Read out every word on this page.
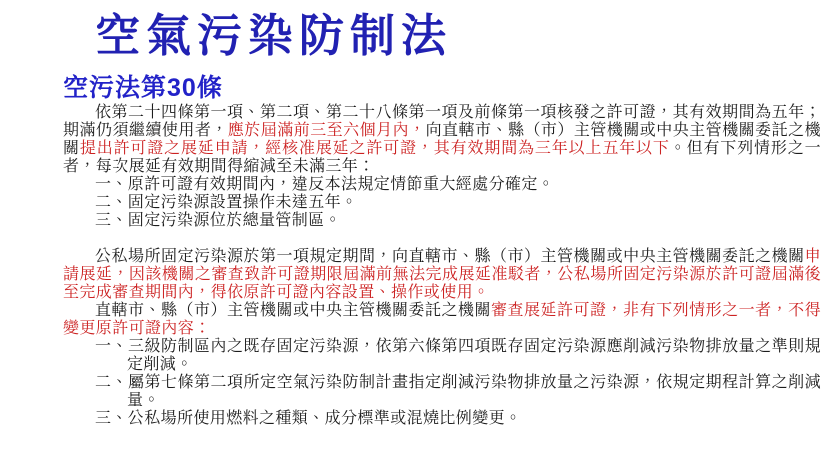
空氣污染防制法
空污法第30條
依第二十四條第一項、第二項、第二十八條第一項及前條第一項核發之許可證，其有效期間為五年；期滿仍須繼續使用者，應於屆滿前三至六個月內，向直轄市、縣（市）主管機關或中央主管機關委託之機關提出許可證之展延申請，經核准展延之許可證，其有效期間為三年以上五年以下。但有下列情形之一者，每次展延有效期間得縮減至未滿三年：
一、原許可證有效期間內，違反本法規定情節重大經處分確定。
二、固定污染源設置操作未達五年。
三、固定污染源位於總量管制區。
公私場所固定污染源於第一項規定期間，向直轄市、縣（市）主管機關或中央主管機關委託之機關申請展延，因該機關之審查致許可證期限屆滿前無法完成展延准駁者，公私場所固定污染源於許可證屆滿後至完成審查期間內，得依原許可證內容設置、操作或使用。
直轄市、縣（市）主管機關或中央主管機關委託之機關審查展延許可證，非有下列情形之一者，不得變更原許可證內容：
一、三級防制區內之既存固定污染源，依第六條第四項既存固定污染源應削減污染物排放量之準則規定削減。
二、屬第七條第二項所定空氣污染防制計畫指定削減污染物排放量之污染源，依規定期程計算之削減量。
三、公私場所使用燃料之種類、成分標準或混燒比例變更。
